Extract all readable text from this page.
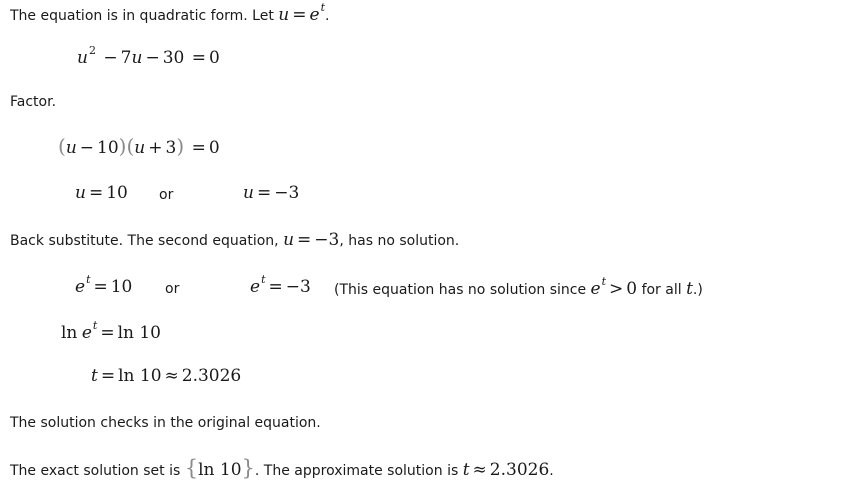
The equation is in quadratic form. Let $u = e^t$.
$u^2 - 7u - 30 = 0$
Factor.
(u − 10)(u + 3) = 0
u = 10 or	u = −3
Back substitute. The second equation, u = −3, has no solution.
$e^t = 10$ or	$e^t = -3$ (This equation has no solution since $e^t > 0$ for all t.)
$\ln e^t = \ln 10$
t = ln 10 ≈ 2.3026
The solution checks in the original equation.
The exact solution set is {ln 10}. The approximate solution is t ≈ 2.3026.
